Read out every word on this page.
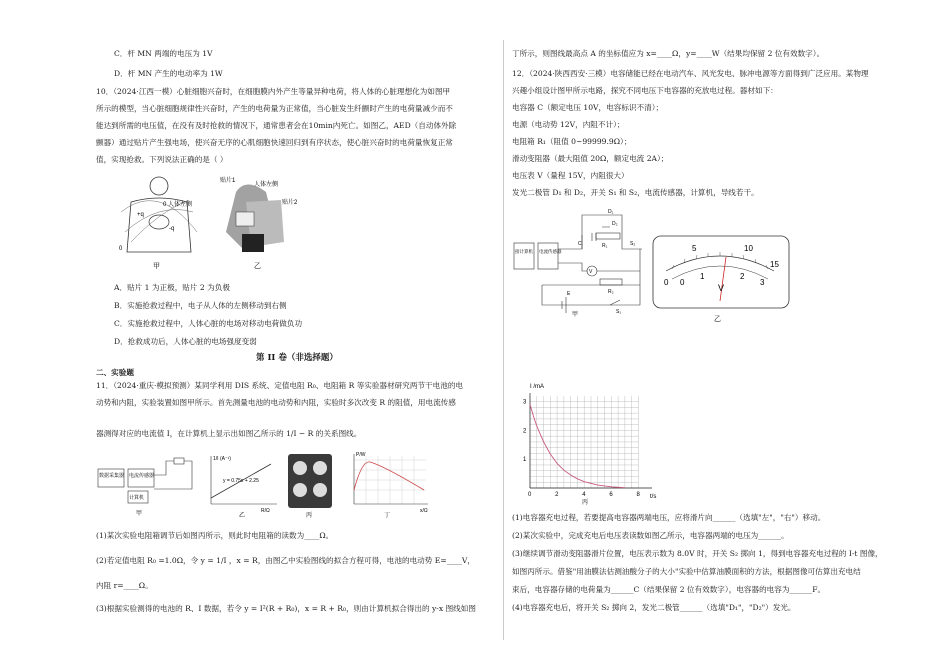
C．杆 MN 两端的电压为 1V
D．杆 MN 产生的电动率为 1W
10．（2024·江西一模）心脏细胞兴奋时，在细胞膜内外产生等量异种电荷，将人体的心脏理想化为如图甲
所示的模型，当心脏细胞规律性兴奋时，产生的电荷量为正常值，当心脏发生纤颤时产生的电荷量减少而不
能达到所需的电压值，在没有及时抢救的情况下，通常患者会在10min内死亡。如图乙，AED（自动体外除
颤器）通过贴片产生强电场，使兴奋无序的心肌细胞快速回归到有序状态，使心脏兴奋时的电荷量恢复正常
值，实现抢救。下列说法正确的是（ ）
0
+q
-q
0 人体左侧
甲
贴片1
人体左侧
贴片2
乙
A．贴片 1 为正极，贴片 2 为负极
B．实施抢救过程中，电子从人体的左侧移动到右侧
C．实施抢救过程中，人体心脏的电场对移动电荷做负功
D．抢救成功后，人体心脏的电场强度变弱
第 II 卷（非选择题）
二、实验题
11．（2024·重庆·模拟预测）某同学利用 DIS 系统、定值电阻 R₀、电阻箱 R 等实验器材研究两节干电池的电
动势和内阻，实验装置如图甲所示。首先测量电池的电动势和内阻，实验时多次改变 R 的阻值，用电流传感
器测得对应的电流值 I，在计算机上显示出如图乙所示的 1/I − R 的关系图线。
数据采集器 电流传感器
计算机
甲
1/I (A⁻¹)
y = 0.75x + 2.25
R/Ω
乙	丙
P/W
x/Ω
丁
(1)某次实验电阻箱调节后如图丙所示，则此时电阻箱的读数为____Ω。
(2)若定值电阻 R₀ =1.0Ω，令 y = 1/I ，x = R，由图乙中实验图线的拟合方程可得，电池的电动势 E=____V，
内阻 r=____Ω。
(3)根据实验测得的电池的 R、I 数据，若令 y = I²(R + R₀)，x = R + R₀，则由计算机拟合得出的 y-x 图线如图
丁所示，则图线最高点 A 的坐标值应为 x=____Ω，y=____W（结果均保留 2 位有效数字）。
12．（2024·陕西西安·三模）电容储能已经在电动汽车、风光发电、脉冲电源等方面得到广泛应用。某物理
兴趣小组设计图甲所示电路，探究不同电压下电容器的充放电过程。器材如下：
电容器 C（额定电压 10V，电容标识不清）；
电源（电动势 12V，内阻不计）；
电阻箱 R₁（阻值 0~99999.9Ω）；
滑动变阻器（最大阻值 20Ω，额定电流 2A）；
电压表 V（量程 15V，内阻很大）
发光二极管 D₁ 和 D₂，开关 S₁ 和 S₂，电流传感器，计算机，导线若干。
接计算机 电流传感器
V
E
S₁
S₂
C	R₁
R₂
D₁
D₂
甲
0
5	10
15
0
1	2
3
V
乙
0	2	4	6	8
1
2
3
I /mA
t/s
丙
(1)电容器充电过程，若要提高电容器两端电压，应将滑片向______（选填"左"，"右"）移动。
(2)某次实验中，完成充电后电压表读数如图乙所示，电容器两端的电压为______。
(3)继续调节滑动变阻器滑片位置，电压表示数为 8.0V 时，开关 S₂ 掷向 1，得到电容器充电过程的 I-t 图像，
如图丙所示。借鉴"用油膜法估测油酸分子的大小"实验中估算油膜面积的方法，根据图像可估算出充电结
束后，电容器存储的电荷量为______C（结果保留 2 位有效数字），电容器的电容为______F。
(4)电容器充电后，将开关 S₂ 掷向 2，发光二极管______（选填"D₁"，"D₂"）发光。
